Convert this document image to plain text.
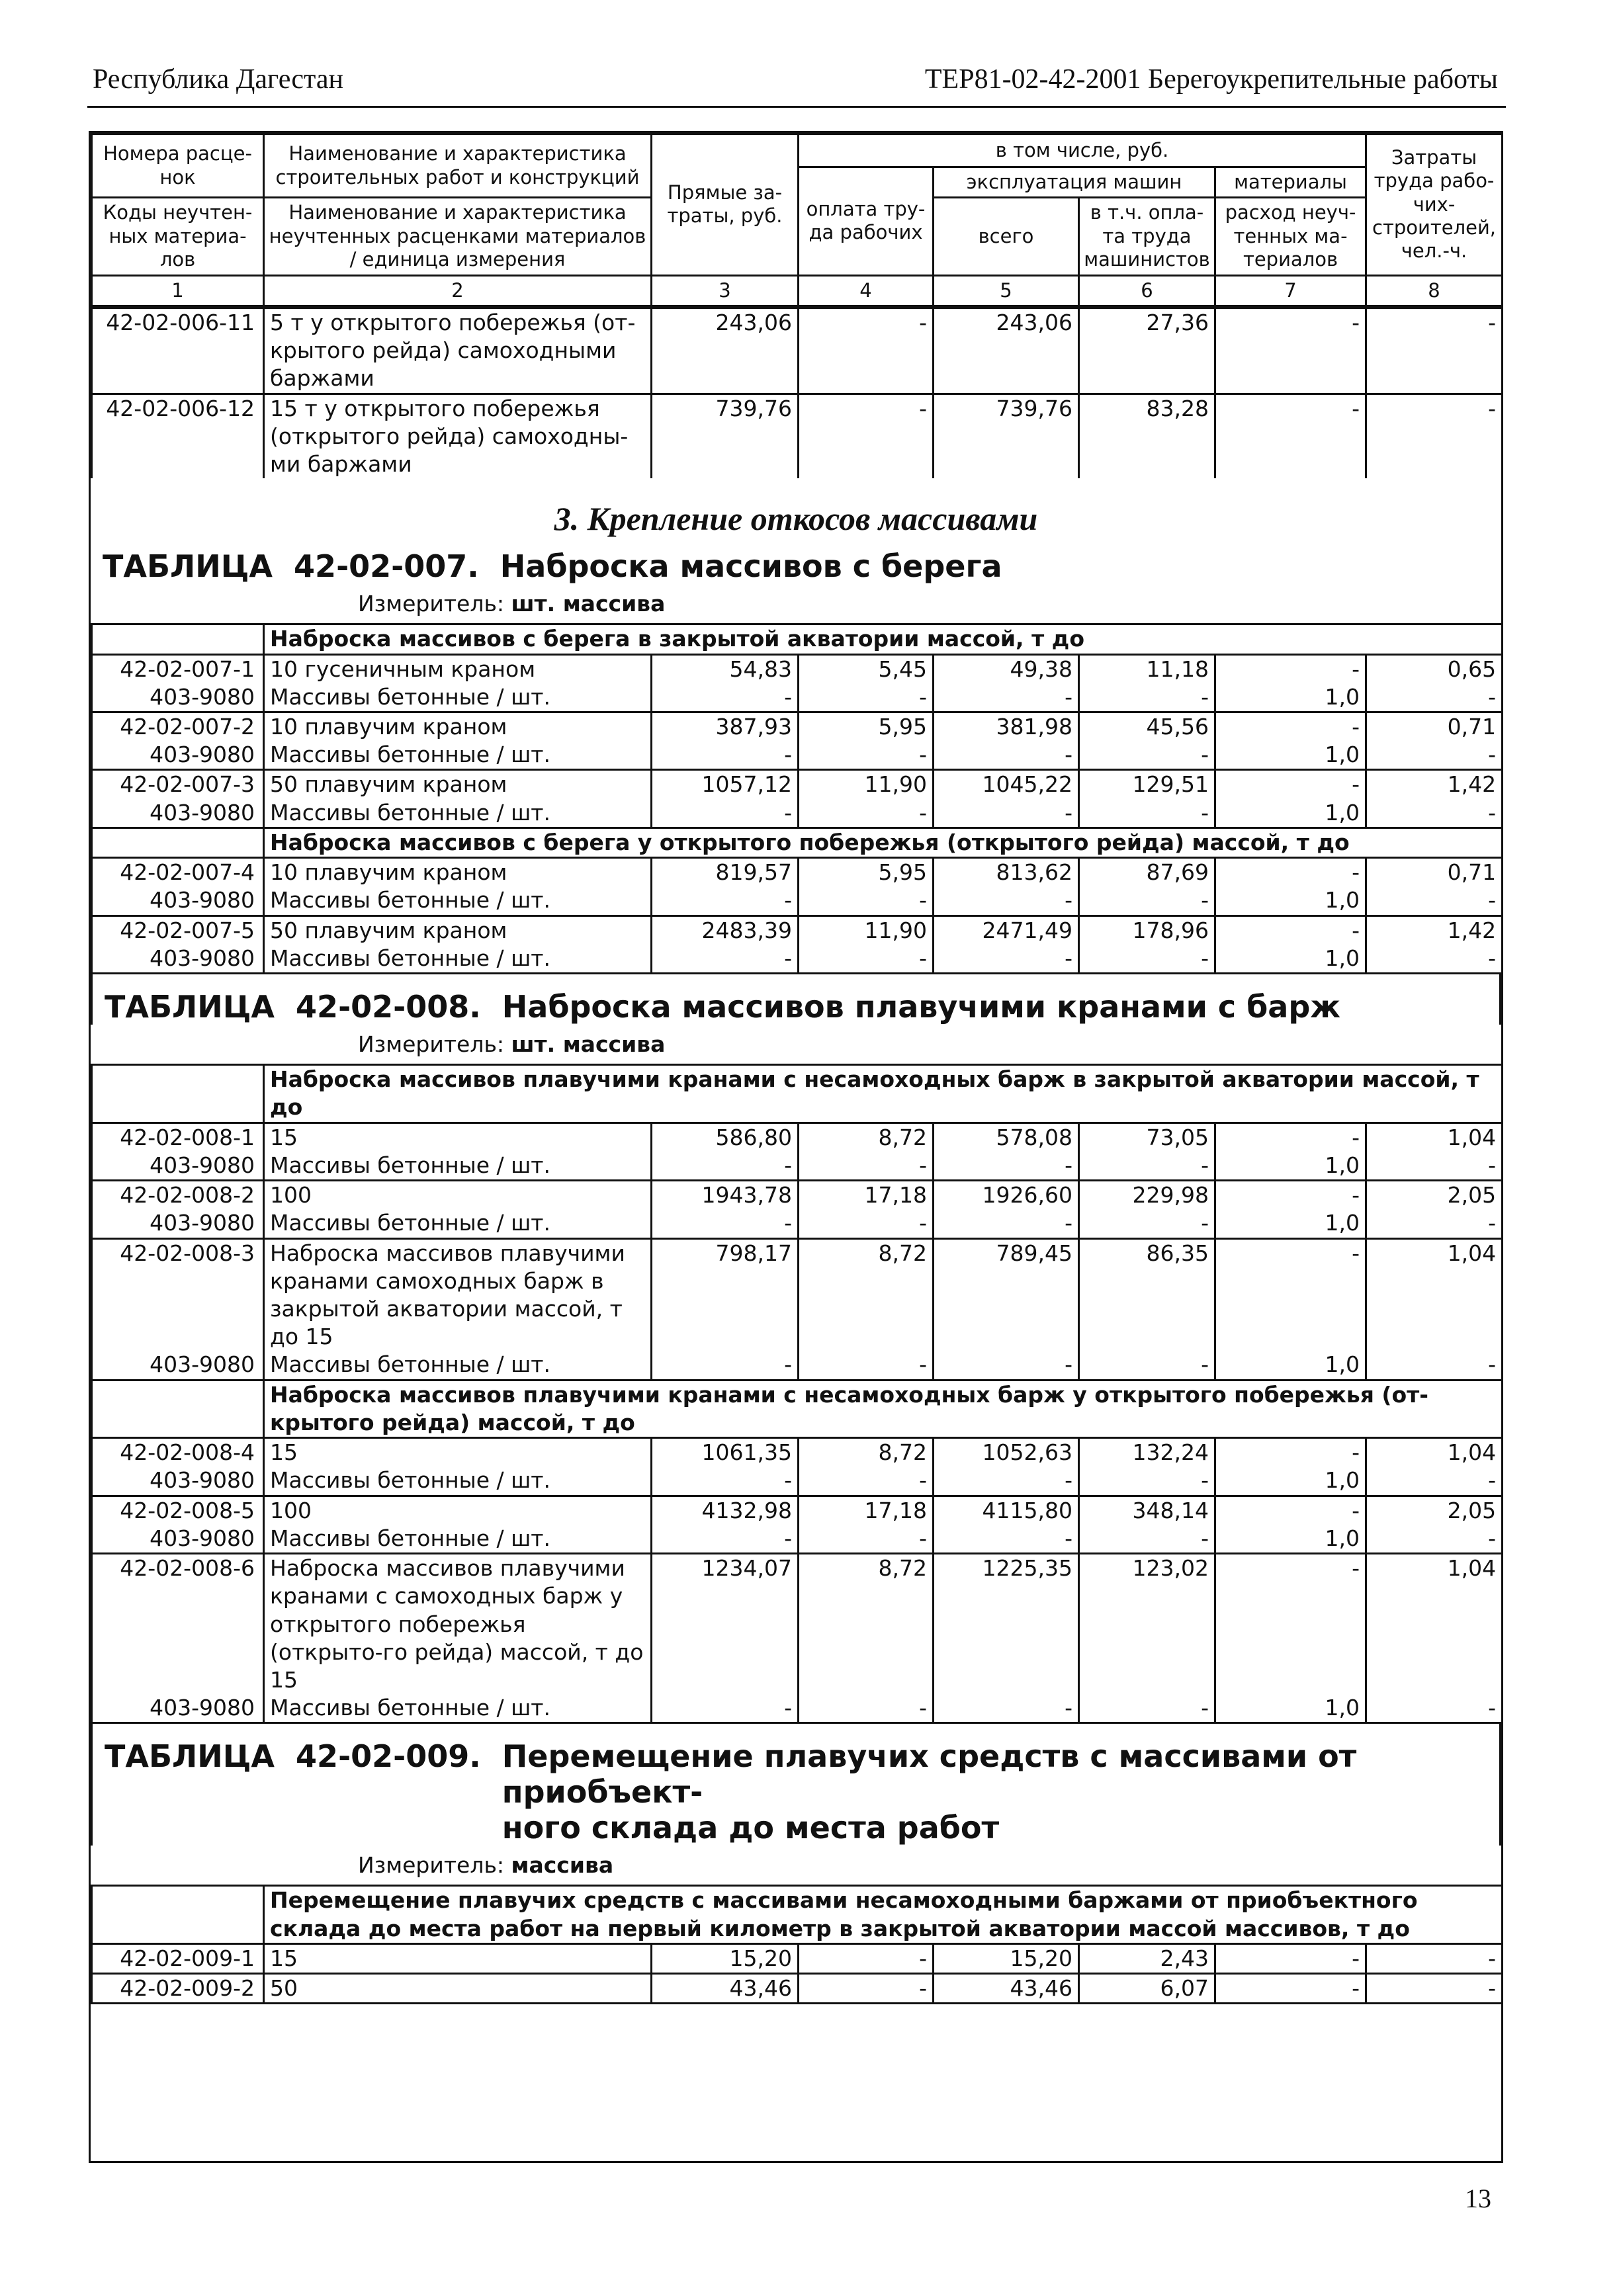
Республика Дагестан	ТЕР81-02-42-2001 Берегоукрепительные работы
Номера расце-нок	Наименование и характеристика строительных работ и конструкций	Прямые за-траты, руб.	в том числе, руб.				Затраты труда рабо-чих-строителей, чел.-ч.
			оплата тру-да рабочих	эксплуатация машин		материалы	
Коды неучтен-ных материа-лов	Наименование и характеристика неучтенных расценками материалов / единица измерения			всего	в т.ч. опла-та труда машинистов	расход неуч-тенных ма-териалов	

1	2	3	4	5	6	7	8
42-02-006-11	5 т у открытого побережья (от-крытого рейда) самоходными баржами	243,06	-	243,06	27,36	-	-
42-02-006-12	15 т у открытого побережья (открытого рейда) самоходны-ми баржами	739,76	-	739,76	83,28	-	-
3. Крепление откосов массивами
ТАБЛИЦА  42-02-007. Наброска массивов с берега
Измеритель: шт. массива
	Наброска массивов с берега в закрытой акватории массой, т до						
42-02-007-1	10 гусеничным краном	54,83	5,45	49,38	11,18	-	0,65
403-9080	Массивы бетонные / шт.	-	-	-	-	1,0	-
42-02-007-2	10 плавучим краном	387,93	5,95	381,98	45,56	-	0,71
403-9080	Массивы бетонные / шт.	-	-	-	-	1,0	-
42-02-007-3	50 плавучим краном	1057,12	11,90	1045,22	129,51	-	1,42
403-9080	Массивы бетонные / шт.	-	-	-	-	1,0	-
	Наброска массивов с берега у открытого побережья (открытого рейда) массой, т до						
42-02-007-4	10 плавучим краном	819,57	5,95	813,62	87,69	-	0,71
403-9080	Массивы бетонные / шт.	-	-	-	-	1,0	-
42-02-007-5	50 плавучим краном	2483,39	11,90	2471,49	178,96	-	1,42
403-9080	Массивы бетонные / шт.	-	-	-	-	1,0	-
ТАБЛИЦА  42-02-008. Наброска массивов плавучими кранами с барж
Измеритель: шт. массива
	Наброска массивов плавучими кранами с несамоходных барж в закрытой акватории массой, т до						
42-02-008-1	15	586,80	8,72	578,08	73,05	-	1,04
403-9080	Массивы бетонные / шт.	-	-	-	-	1,0	-
42-02-008-2	100	1943,78	17,18	1926,60	229,98	-	2,05
403-9080	Массивы бетонные / шт.	-	-	-	-	1,0	-
42-02-008-3	Наброска массивов плавучими кранами самоходных барж в закрытой акватории массой, т до 15	798,17	8,72	789,45	86,35	-	1,04
403-9080	Массивы бетонные / шт.	-	-	-	-	1,0	-
	Наброска массивов плавучими кранами с несамоходных барж у открытого побережья (от-крытого рейда) массой, т до						
42-02-008-4	15	1061,35	8,72	1052,63	132,24	-	1,04
403-9080	Массивы бетонные / шт.	-	-	-	-	1,0	-
42-02-008-5	100	4132,98	17,18	4115,80	348,14	-	2,05
403-9080	Массивы бетонные / шт.	-	-	-	-	1,0	-
42-02-008-6	Наброска массивов плавучими кранами с самоходных барж у открытого побережья (открыто-го рейда) массой, т до 15	1234,07	8,72	1225,35	123,02	-	1,04
403-9080	Массивы бетонные / шт.	-	-	-	-	1,0	-
ТАБЛИЦА  42-02-009. Перемещение плавучих средств с массивами от приобъект-
ного склада до места работ
Измеритель: массива
	Перемещение плавучих средств с массивами несамоходными баржами от приобъектного склада до места работ на первый километр в закрытой акватории массой массивов, т до						
42-02-009-1	15	15,20	-	15,20	2,43	-	-
42-02-009-2	50	43,46	-	43,46	6,07	-	-
13
